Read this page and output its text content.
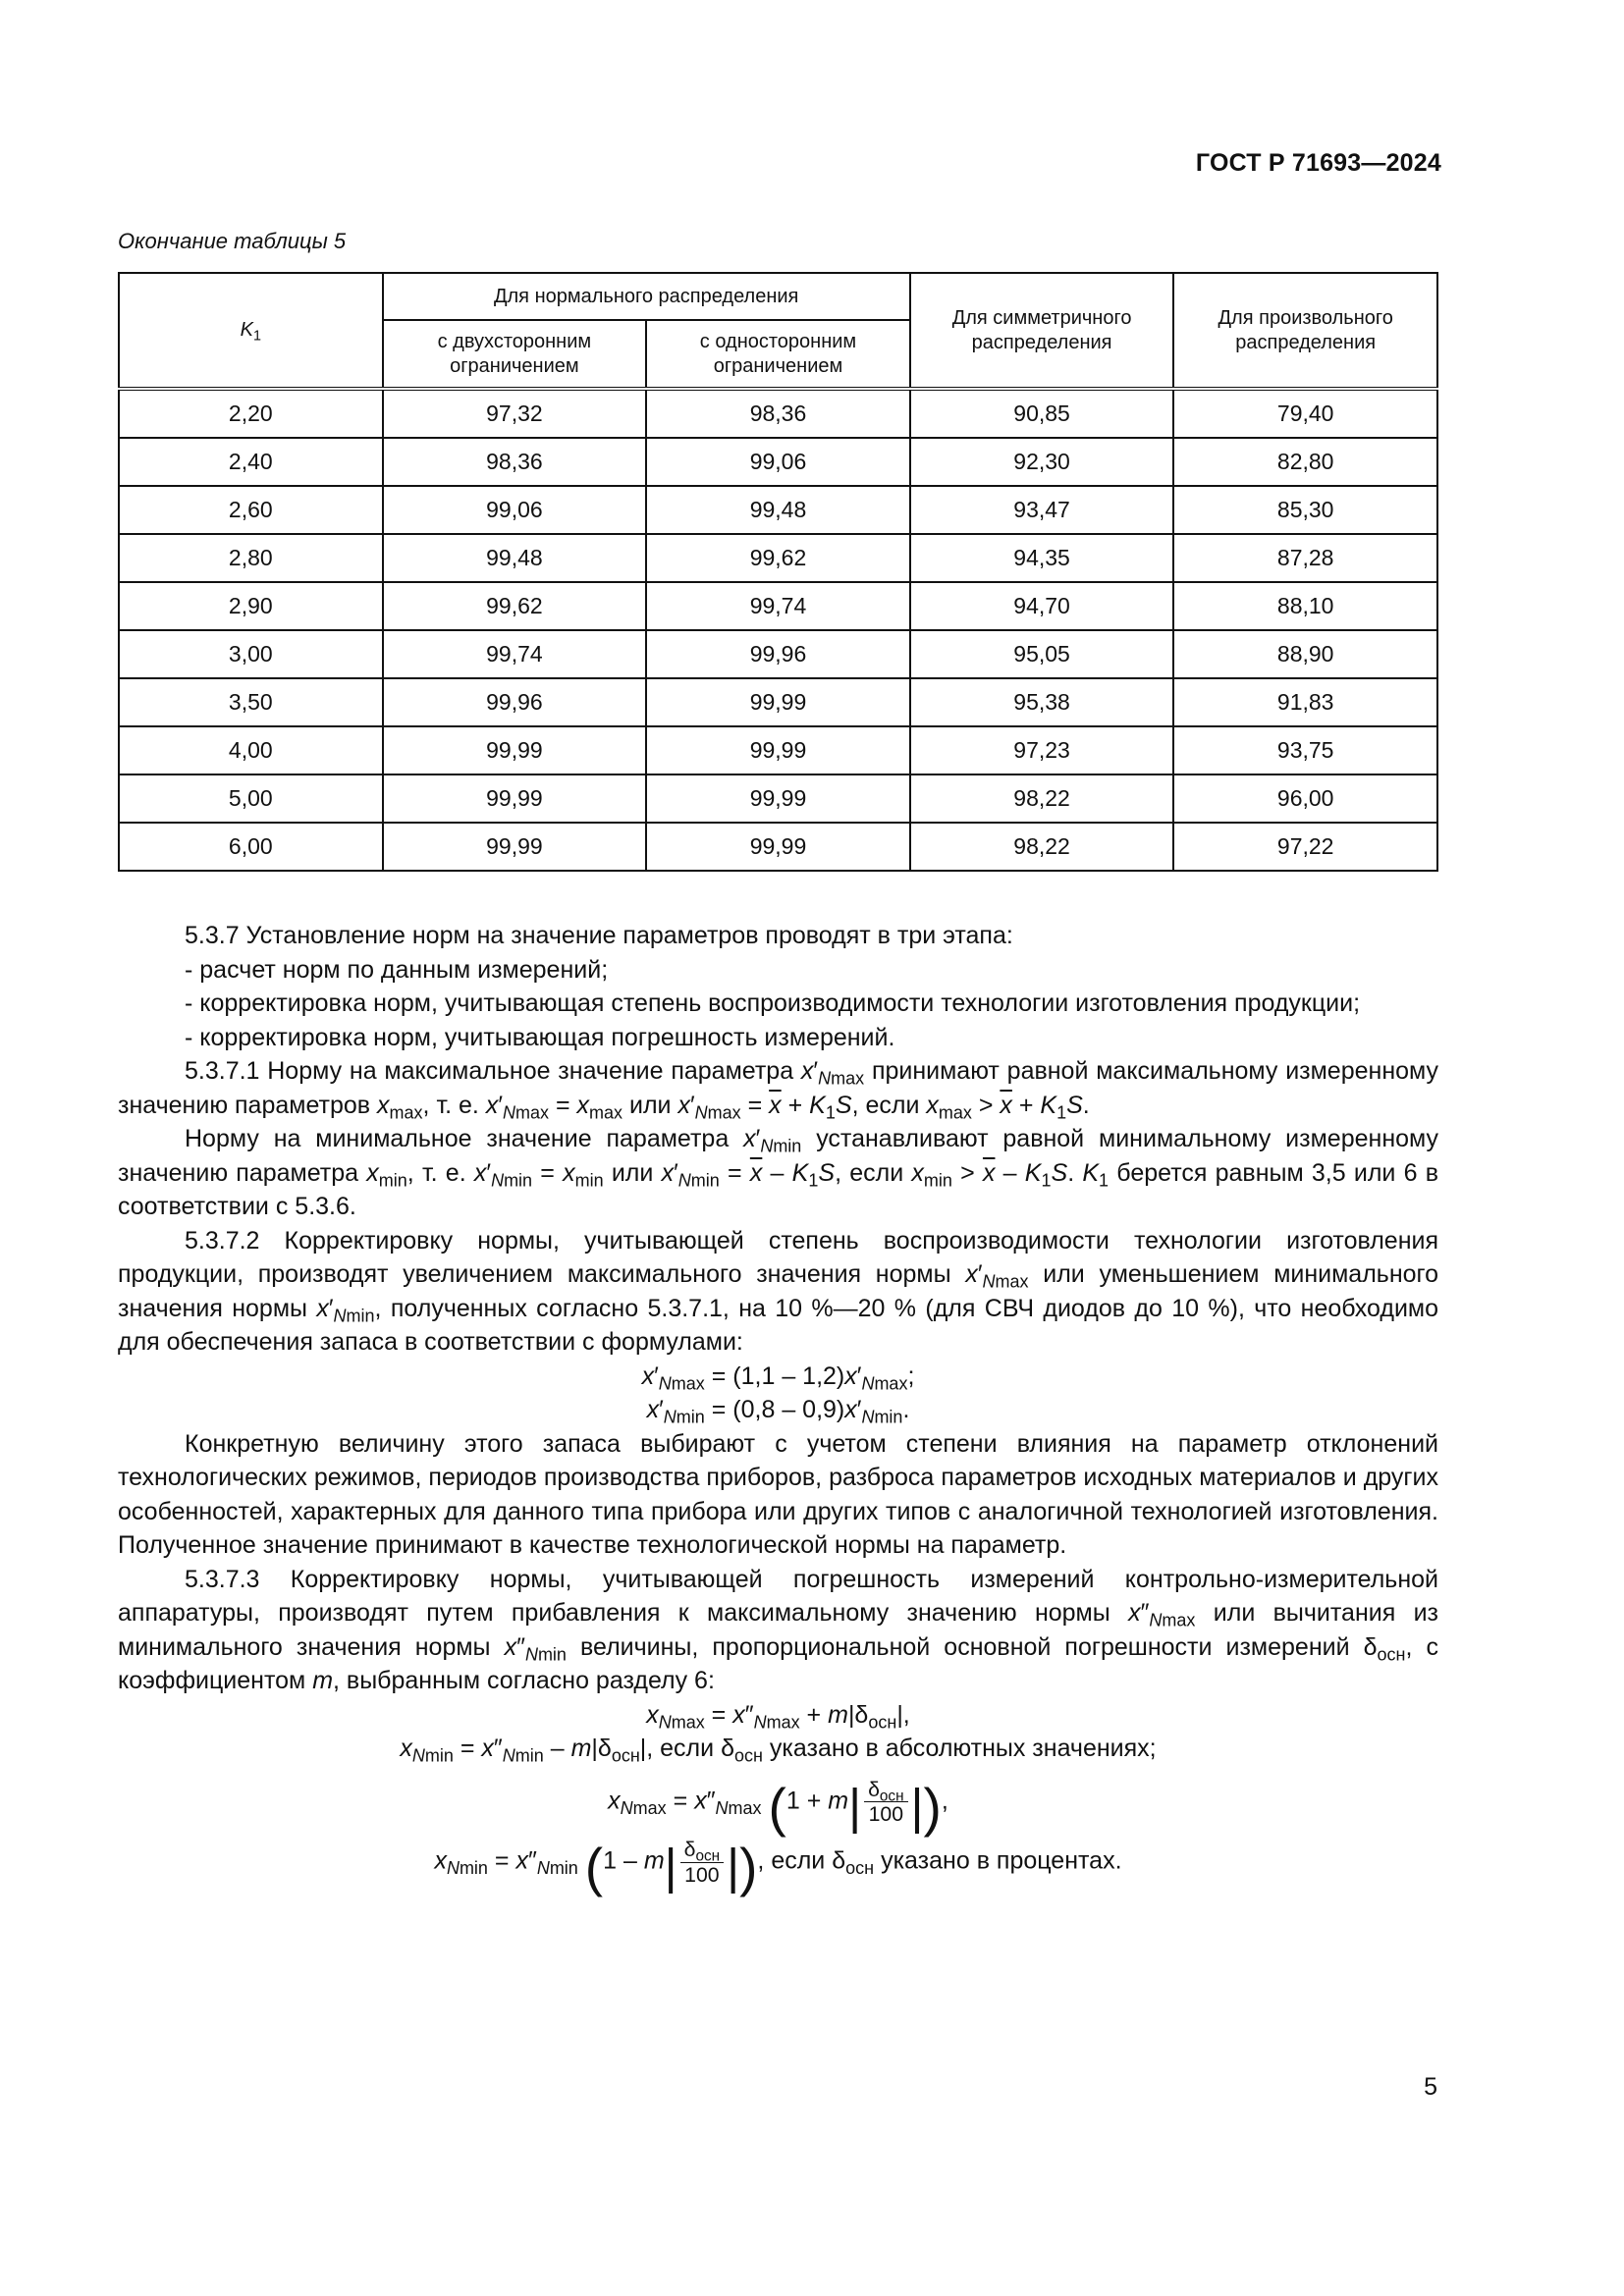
ГОСТ Р 71693—2024
Окончание таблицы 5
$K_1$	Для нормального распределения		Для симметричного распределения	Для произвольного распределения
	с двухсторонним ограничением	с односторонним ограничением		
2,20	97,32	98,36	90,85	79,40
2,40	98,36	99,06	92,30	82,80
2,60	99,06	99,48	93,47	85,30
2,80	99,48	99,62	94,35	87,28
2,90	99,62	99,74	94,70	88,10
3,00	99,74	99,96	95,05	88,90
3,50	99,96	99,99	95,38	91,83
4,00	99,99	99,99	97,23	93,75
5,00	99,99	99,99	98,22	96,00
6,00	99,99	99,99	98,22	97,22

5.3.7 Установление норм на значение параметров проводят в три этапа:

- расчет норм по данным измерений;

- корректировка норм, учитывающая степень воспроизводимости технологии изготовления продукции;

- корректировка норм, учитывающая погрешность измерений.

5.3.7.1 Норму на максимальное значение параметра $x'_{Nmax}$ принимают равной максимальному измеренному значению параметров $x_{max}$, т. е. $x'_{Nmax} = x_{max}$ или $x'_{Nmax} = \overline{x} + K_1S$, если $x_{max} > \overline{x} + K_1S$.

Норму на минимальное значение параметра $x'_{Nmin}$ устанавливают равной минимальному измеренному значению параметра $x_{min}$, т. е. $x'_{Nmin} = x_{min}$ или $x'_{Nmin} = \overline{x} - K_1S$, если $x_{min} > \overline{x} - K_1S$. $K_1$ берется равным 3,5 или 6 в соответствии с 5.3.6.

5.3.7.2 Корректировку нормы, учитывающей степень воспроизводимости технологии изготовления продукции, производят увеличением максимального значения нормы $x'_{Nmax}$ или уменьшением минимального значения нормы $x'_{Nmin}$, полученных согласно 5.3.7.1, на 10 %—20 % (для СВЧ диодов до 10 %), что необходимо для обеспечения запаса в соответствии с формулами:

$x'_{Nmax} = (1,1 - 1,2)x'_{Nmax}$;

$x'_{Nmin} = (0,8 - 0,9)x'_{Nmin}$.

Конкретную величину этого запаса выбирают с учетом степени влияния на параметр отклонений технологических режимов, периодов производства приборов, разброса параметров исходных материалов и других особенностей, характерных для данного типа прибора или других типов с аналогичной технологией изготовления. Полученное значение принимают в качестве технологической нормы на параметр.

5.3.7.3 Корректировку нормы, учитывающей погрешность измерений контрольно-измерительной аппаратуры, производят путем прибавления к максимальному значению нормы $x''_{Nmax}$ или вычитания из минимального значения нормы $x''_{Nmin}$ величины, пропорциональной основной погрешности измерений $\delta_{осн}$, с коэффициентом m, выбранным согласно разделу 6:

$x_{Nmax} = x''_{Nmax} + m|\delta_{осн}|$,

$x_{Nmin} = x''_{Nmin} - m|\delta_{осн}|$, если $\delta_{осн}$ указано в абсолютных значениях;

$x_{Nmax} = x''_{Nmax}$ ($1 + m| \frac{\delta_{осн}}{100}$ |),

$x_{Nmin} = x''_{Nmin}$ ($1 - m| \frac{\delta_{осн}}{100}$ |), если $\delta_{осн}$ указано в процентах.

5
